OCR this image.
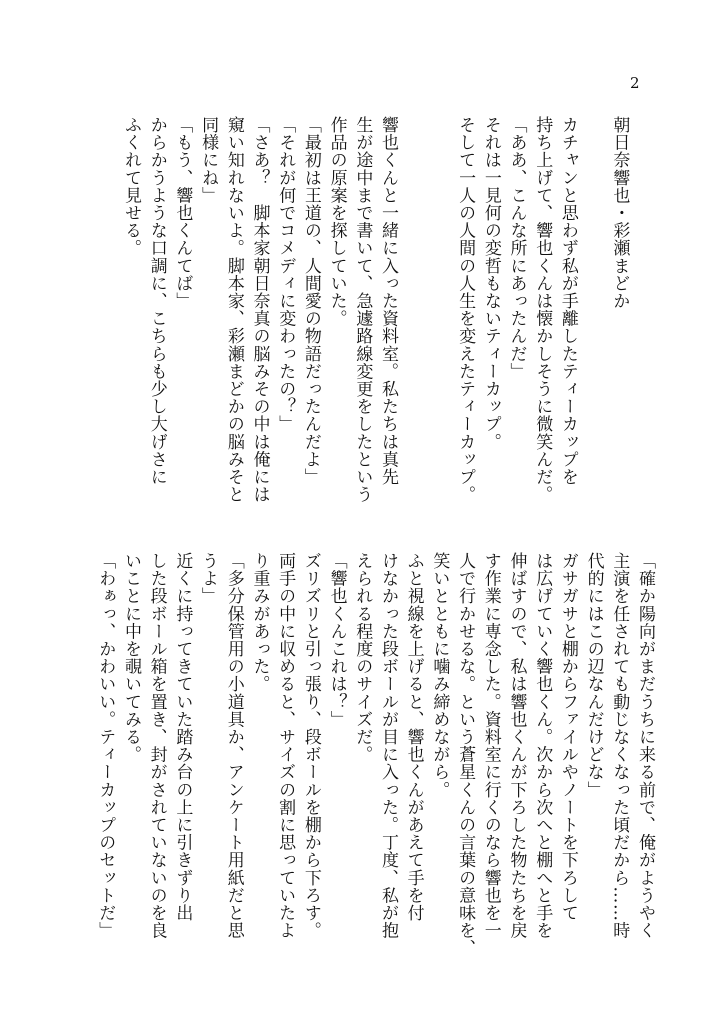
2
朝日奈響也・彩瀬まどか
カチャンと思わず私が手離したティーカップを
持ち上げて、響也くんは懐かしそうに微笑んだ。
「ああ、こんな所にあったんだ」
それは一見何の変哲もないティーカップ。
そして一人の人間の人生を変えたティーカップ。
響也くんと一緒に入った資料室。私たちは真先
生が途中まで書いて、急遽路線変更をしたという
作品の原案を探していた。
「最初は王道の、人間愛の物語だったんだよ」
「それが何でコメディに変わったの？」
「さあ？　脚本家朝日奈真の脳みその中は俺には
窺い知れないよ。脚本家、彩瀬まどかの脳みそと
同様にね」
「もう、響也くんてば」
からかうような口調に、こちらも少し大げさに
ふくれて見せる。
「確か陽向がまだうちに来る前で、俺がようやく
主演を任されても動じなくなった頃だから……時
代的にはこの辺なんだけどな」
ガサガサと棚からファイルやノートを下ろして
は広げていく響也くん。次から次へと棚へと手を
伸ばすので、私は響也くんが下ろした物たちを戻
す作業に専念した。資料室に行くのなら響也を一
人で行かせるな。という蒼星くんの言葉の意味を、
笑いとともに噛み締めながら。
ふと視線を上げると、響也くんがあえて手を付
けなかった段ボールが目に入った。丁度、私が抱
えられる程度のサイズだ。
「響也くんこれは？」
ズリズリと引っ張り、段ボールを棚から下ろす。
両手の中に収めると、サイズの割に思っていたよ
り重みがあった。
「多分保管用の小道具か、アンケート用紙だと思
うよ」
近くに持ってきていた踏み台の上に引きずり出
した段ボール箱を置き、封がされていないのを良
いことに中を覗いてみる。
「わぁっ、かわいい。ティーカップのセットだ」
